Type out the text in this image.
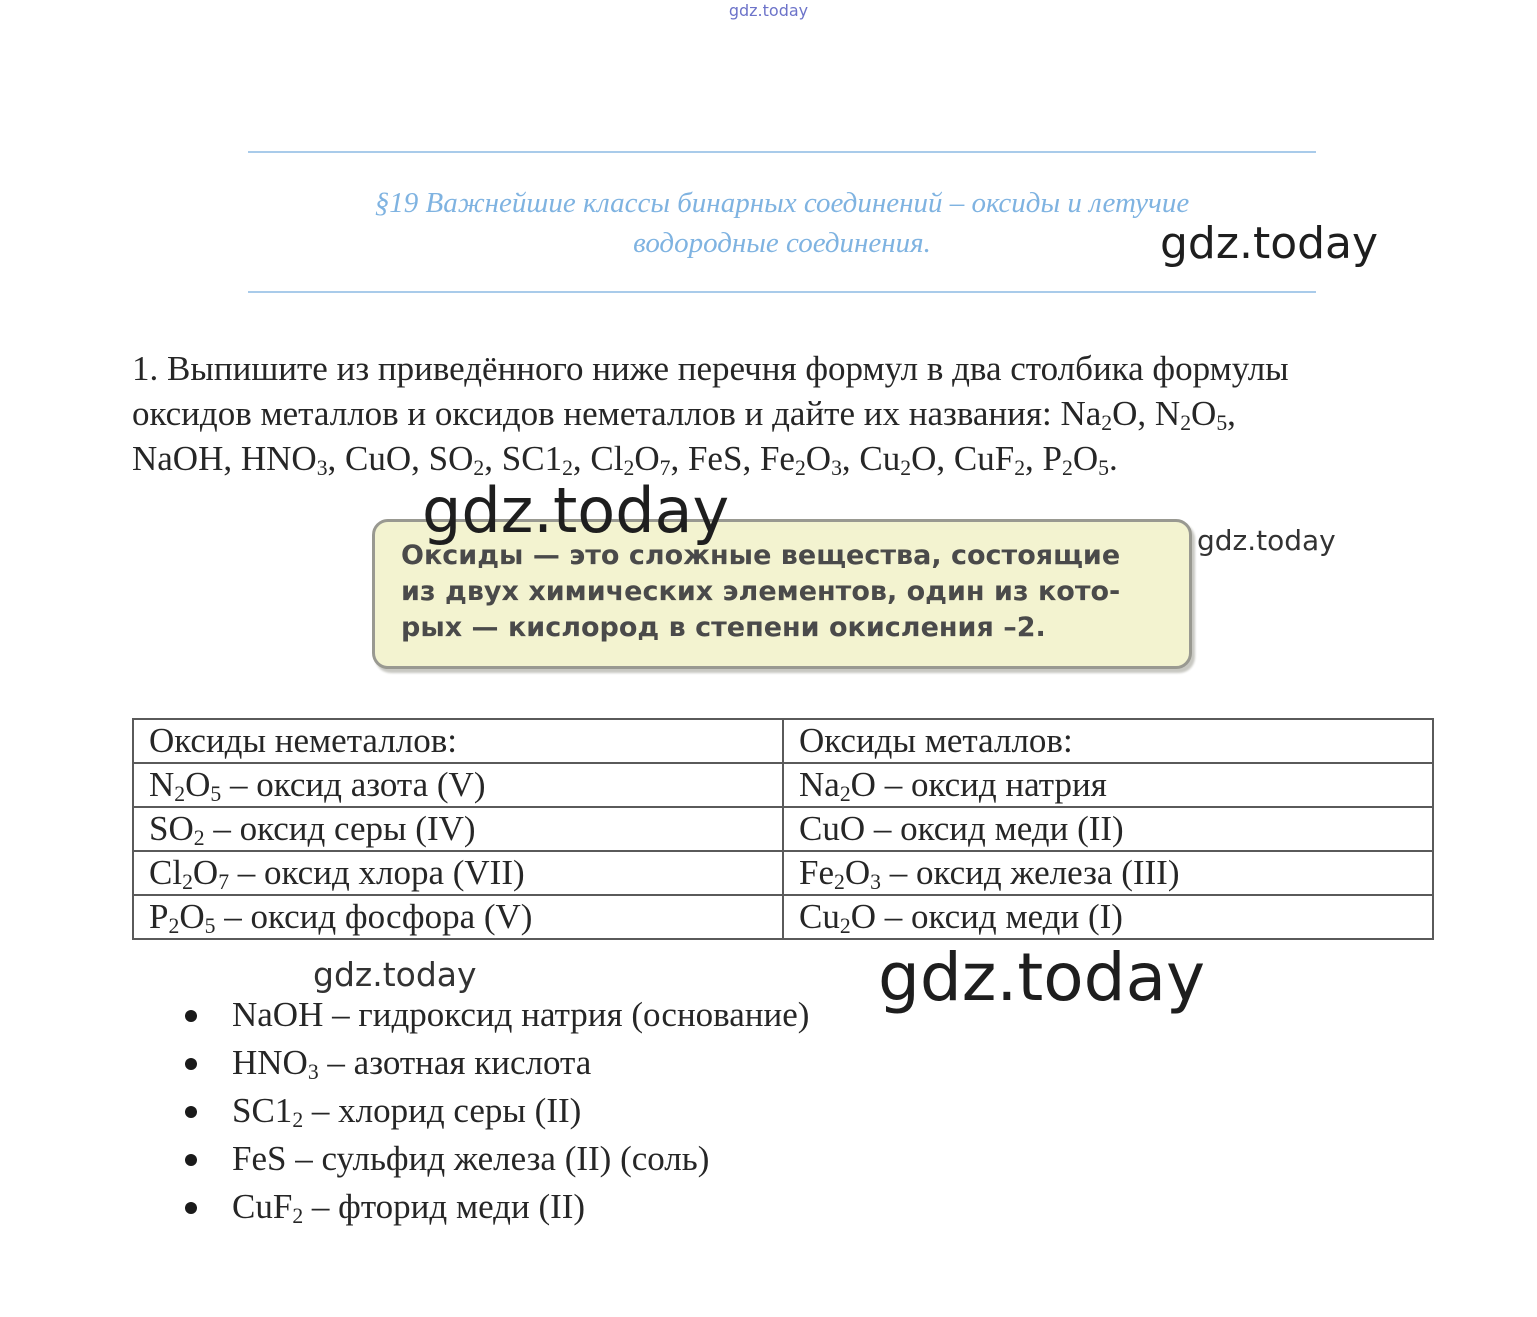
gdz.today
§19 Важнейшие классы бинарных соединений – оксиды и летучие
водородные соединения.
1. Выпишите из приведённого ниже перечня формул в два столбика формулы
оксидов металлов и оксидов неметаллов и дайте их названия: $Na_2O$, $N_2O_5$,
NaOH, $HNO_3$, CuO, $SO_2$, $SC1_2$, $Cl_2O_7$, FeS, $Fe_2O_3$, $Cu_2O$, CuF$_2$, $P_2O_5$.
Оксиды — это сложные вещества, состоящие
из двух химических элементов, один из кото-
рых — кислород в степени окисления –2.
Оксиды неметаллов:	Оксиды металлов:
$N_2O_5$ – оксид азота (V)	$Na_2O$ – оксид натрия
$SO_2$ – оксид серы (IV)	CuO – оксид меди (II)
$Cl_2O_7$ – оксид хлора (VII)	$Fe_2O_3$ – оксид железа (III)
$P_2O_5$ – оксид фосфора (V)	$Cu_2O$ – оксид меди (I)
NaOH – гидроксид натрия (основание)
$HNO_3$ – азотная кислота
$SC1_2$ – хлорид серы (II)
FeS – сульфид железа (II) (соль)
CuF$_2$ – фторид меди (II)
gdz.today
gdz.today	gdz.today
gdz.today	gdz.today
